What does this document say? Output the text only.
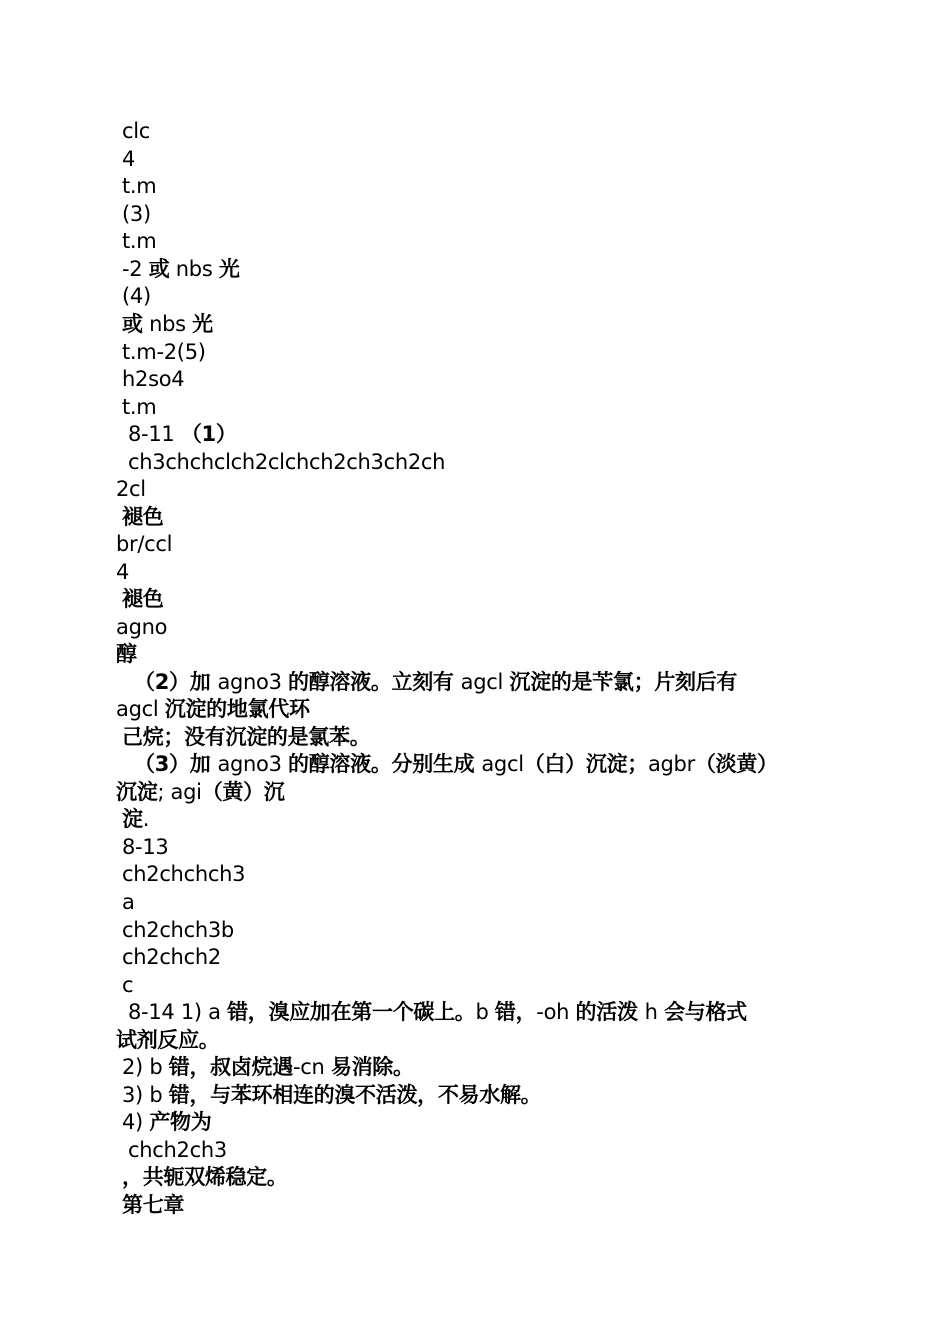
clc
4
t.m
(3)
t.m
-2 或 nbs 光
(4)
或 nbs 光
t.m-2(5)
h2so4
t.m
8-11 （1）
ch3chchclch2clchch2ch3ch2ch
2cl
褪色
br/ccl
4
褪色
agno
醇
（2）加 agno3 的醇溶液。立刻有 agcl 沉淀的是苄氯；片刻后有
agcl 沉淀的地氯代环
己烷；没有沉淀的是氯苯。
（3）加 agno3 的醇溶液。分别生成 agcl（白）沉淀；agbr（淡黄）
沉淀; agi（黄）沉
淀.
8-13
ch2chchch3
a
ch2chch3b
ch2chch2
c
8-14 1) a 错，溴应加在第一个碳上。b 错，-oh 的活泼 h 会与格式
试剂反应。
2) b 错，叔卤烷遇-cn 易消除。
3) b 错，与苯环相连的溴不活泼，不易水解。
4) 产物为
chch2ch3
，共轭双烯稳定。
第七章
